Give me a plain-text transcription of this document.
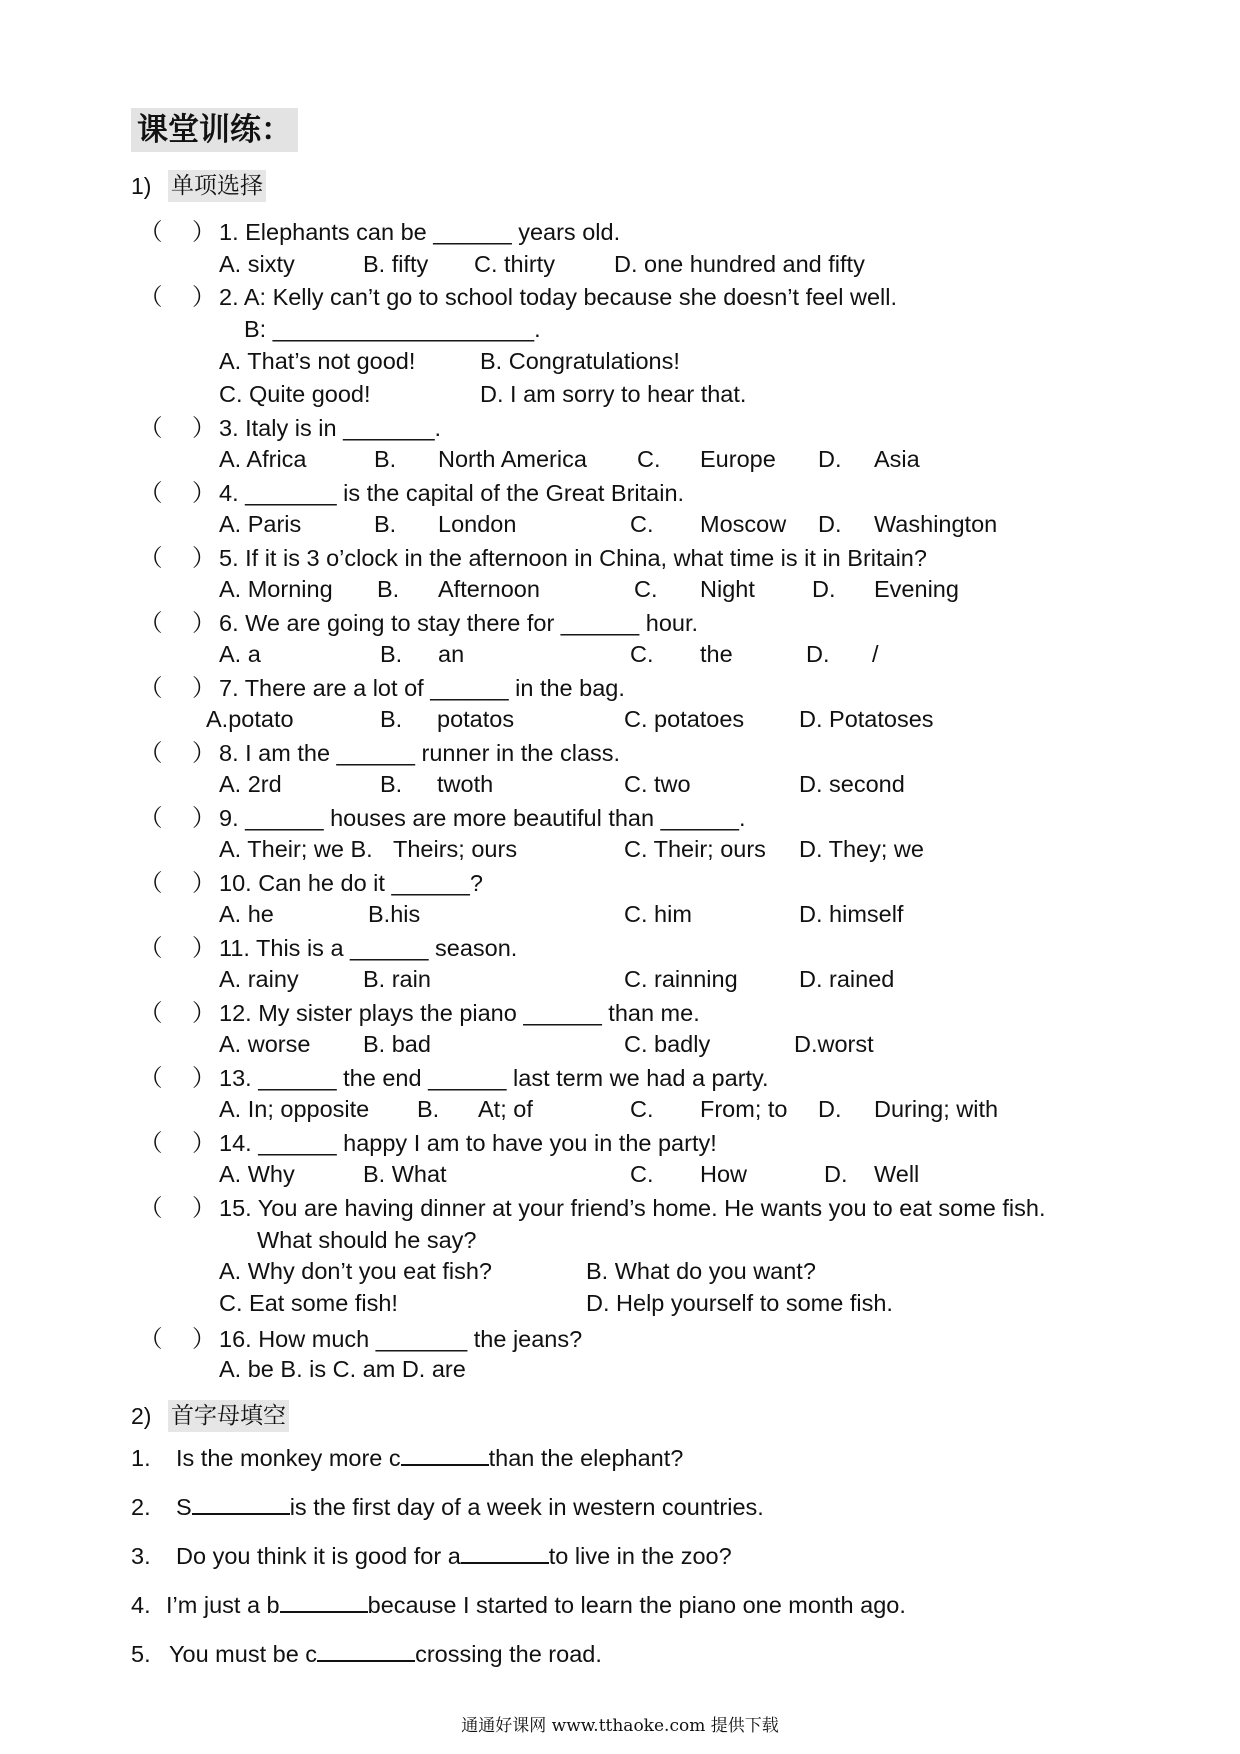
课堂训练：
1) 单项选择
（ ） 1. Elephants can be ______ years old.
A. sixty	B. fifty C. thirty	D. one hundred and fifty
（ ） 2. A: Kelly can’t go to school today because she doesn’t feel well.
B: ____________________.
A. That’s not good!	B. Congratulations!
C. Quite good!	D. I am sorry to hear that.
（ ） 3. Italy is in _______.
A. Africa	B. North America C. Europe D. Asia
（ ） 4. _______ is the capital of the Great Britain.
A. Paris	B. London	C. Moscow D. Washington
（ ） 5. If it is 3 o’clock in the afternoon in China, what time is it in Britain?
A. Morning B. Afternoon	C. Night D. Evening
（ ） 6. We are going to stay there for ______ hour.
A. a	B. an	C. the	D. /
（ ） 7. There are a lot of ______ in the bag.
A.potato	B. potatos	C. potatoes D. Potatoses
（ ） 8. I am the ______ runner in the class.
A. 2rd	B. twoth	C. two	D. second
（ ） 9. ______ houses are more beautiful than ______.
A. Their; we B. Theirs; ours	C. Their; ours D. They; we
（ ） 10. Can he do it ______?
A. he	B.his	C. him	D. himself
（ ） 11. This is a ______ season.
A. rainy	B. rain	C. rainning	D. rained
（ ） 12. My sister plays the piano ______ than me.
A. worse B. bad	C. badly	D.worst
（ ） 13. ______ the end ______ last term we had a party.
A. In; opposite B. At; of	C. From; to D. During; with
（ ） 14. ______ happy I am to have you in the party!
A. Why	B. What	C. How	D. Well
（ ） 15. You are having dinner at your friend’s home. He wants you to eat some fish.
What should he say?
A. Why don’t you eat fish?	B. What do you want?
C. Eat some fish!	D. Help yourself to some fish.
（ ） 16. How much _______ the jeans?
A. be B. is C. am D. are
2) 首字母填空
1. Is the monkey more c	than the elephant?
2. S	is the first day of a week in western countries.
3. Do you think it is good for a	to live in the zoo?
4. I’m just a b	because I started to learn the piano one month ago.
5. You must be c	crossing the road.
通通好课网 www.tthaoke.com 提供下载
